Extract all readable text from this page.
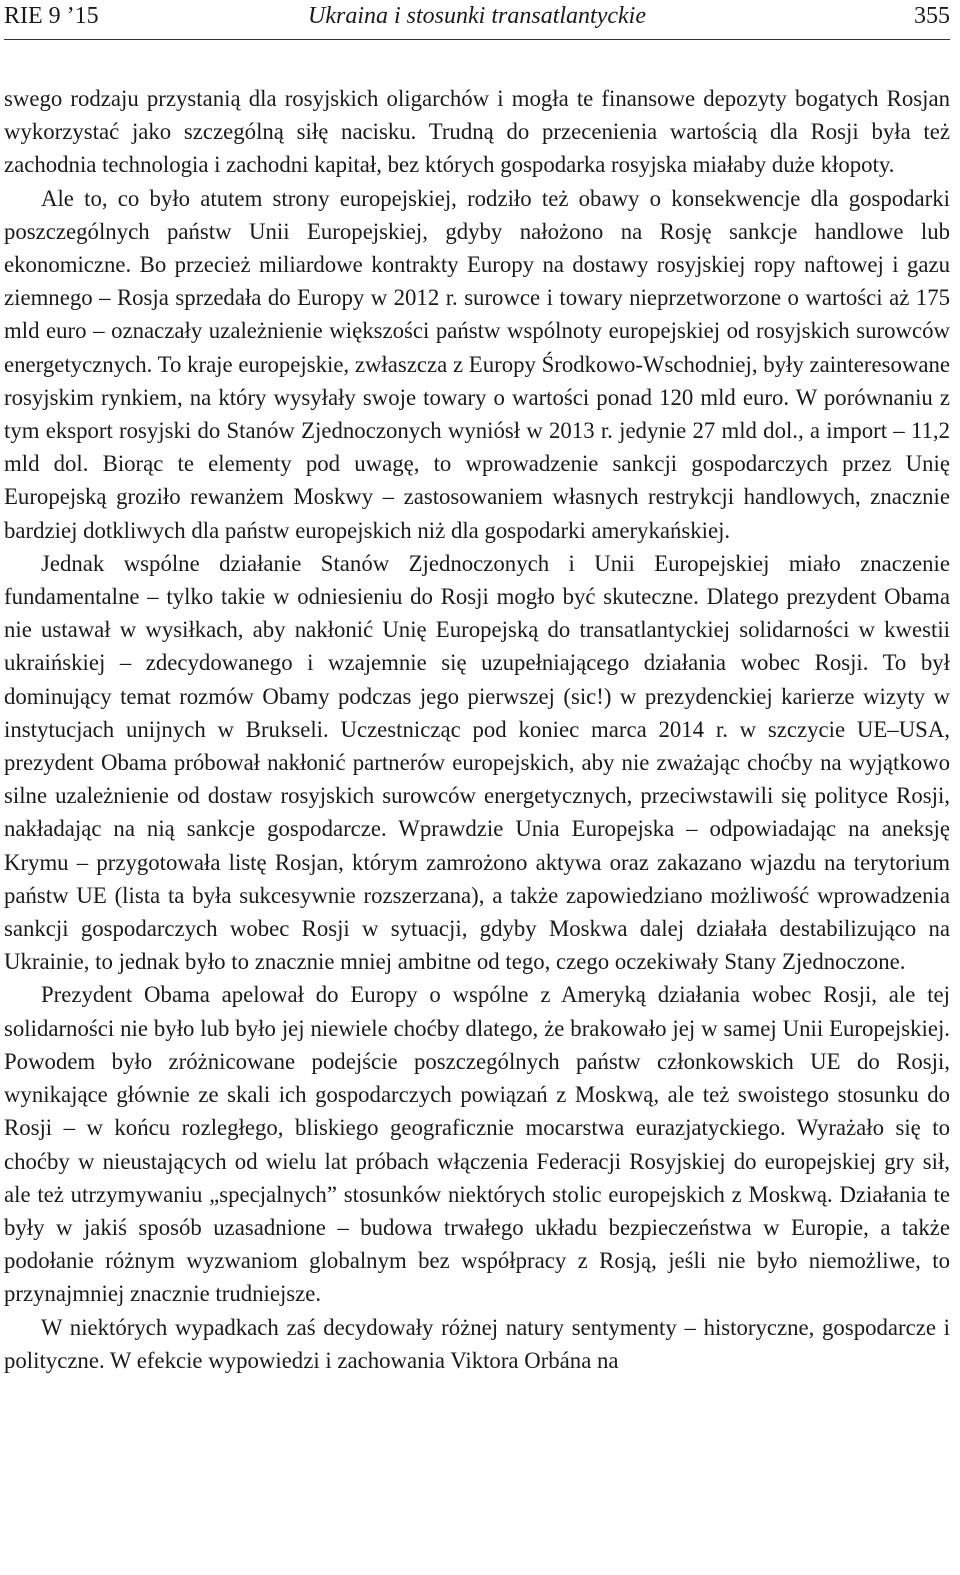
RIE 9 ’15	Ukraina i stosunki transatlantyckie	355

swego rodzaju przystanią dla rosyjskich oligarchów i mogła te finansowe depozyty bogatych Rosjan wykorzystać jako szczególną siłę nacisku. Trudną do przecenienia wartością dla Rosji była też zachodnia technologia i zachodni kapitał, bez których gospodarka rosyjska miałaby duże kłopoty.

Ale to, co było atutem strony europejskiej, rodziło też obawy o konsekwencje dla gospodarki poszczególnych państw Unii Europejskiej, gdyby nałożono na Rosję sankcje handlowe lub ekonomiczne. Bo przecież miliardowe kontrakty Europy na dostawy rosyjskiej ropy naftowej i gazu ziemnego – Rosja sprzedała do Europy w 2012 r. surowce i towary nieprzetworzone o wartości aż 175 mld euro – oznaczały uzależnienie większości państw wspólnoty europejskiej od rosyjskich surowców energetycznych. To kraje europejskie, zwłaszcza z Europy Środkowo-Wschodniej, były zainteresowane rosyjskim rynkiem, na który wysyłały swoje towary o wartości ponad 120 mld euro. W porównaniu z tym eksport rosyjski do Stanów Zjednoczonych wyniósł w 2013 r. jedynie 27 mld dol., a import – 11,2 mld dol. Biorąc te elementy pod uwagę, to wprowadzenie sankcji gospodarczych przez Unię Europejską groziło rewanżem Moskwy – zastosowaniem własnych restrykcji handlowych, znacznie bardziej dotkliwych dla państw europejskich niż dla gospodarki amerykańskiej.

Jednak wspólne działanie Stanów Zjednoczonych i Unii Europejskiej miało znaczenie fundamentalne – tylko takie w odniesieniu do Rosji mogło być skuteczne. Dlatego prezydent Obama nie ustawał w wysiłkach, aby nakłonić Unię Europejską do transatlantyckiej solidarności w kwestii ukraińskiej – zdecydowanego i wzajemnie się uzupełniającego działania wobec Rosji. To był dominujący temat rozmów Obamy podczas jego pierwszej (sic!) w prezydenckiej karierze wizyty w instytucjach unijnych w Brukseli. Uczestnicząc pod koniec marca 2014 r. w szczycie UE–USA, prezydent Obama próbował nakłonić partnerów europejskich, aby nie zważając choćby na wyjątkowo silne uzależnienie od dostaw rosyjskich surowców energetycznych, przeciwstawili się polityce Rosji, nakładając na nią sankcje gospodarcze. Wprawdzie Unia Europejska – odpowiadając na aneksję Krymu – przygotowała listę Rosjan, którym zamrożono aktywa oraz zakazano wjazdu na terytorium państw UE (lista ta była sukcesywnie rozszerzana), a także zapowiedziano możliwość wprowadzenia sankcji gospodarczych wobec Rosji w sytuacji, gdyby Moskwa dalej działała destabilizująco na Ukrainie, to jednak było to znacznie mniej ambitne od tego, czego oczekiwały Stany Zjednoczone.

Prezydent Obama apelował do Europy o wspólne z Ameryką działania wobec Rosji, ale tej solidarności nie było lub było jej niewiele choćby dlatego, że brakowało jej w samej Unii Europejskiej. Powodem było zróżnicowane podejście poszczególnych państw członkowskich UE do Rosji, wynikające głównie ze skali ich gospodarczych powiązań z Moskwą, ale też swoistego stosunku do Rosji – w końcu rozległego, bliskiego geograficznie mocarstwa eurazjatyckiego. Wyrażało się to choćby w nieustających od wielu lat próbach włączenia Federacji Rosyjskiej do europejskiej gry sił, ale też utrzymywaniu „specjalnych” stosunków niektórych stolic europejskich z Moskwą. Działania te były w jakiś sposób uzasadnione – budowa trwałego układu bezpieczeństwa w Europie, a także podołanie różnym wyzwaniom globalnym bez współpracy z Rosją, jeśli nie było niemożliwe, to przynajmniej znacznie trudniejsze.

W niektórych wypadkach zaś decydowały różnej natury sentymenty – historyczne, gospodarcze i polityczne. W efekcie wypowiedzi i zachowania Viktora Orbána na
